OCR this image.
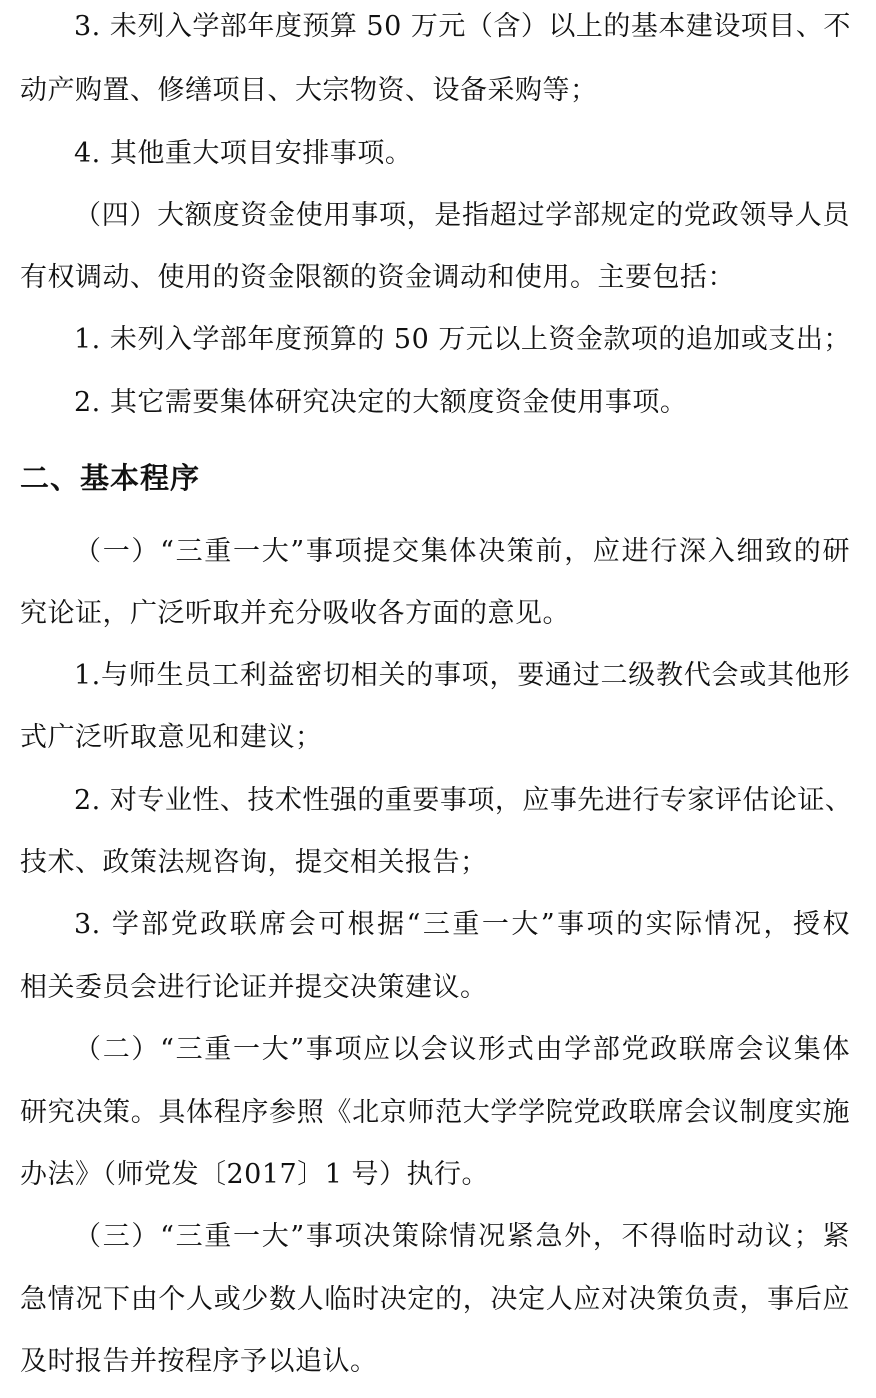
3. 未列入学部年度预算 50 万元（含）以上的基本建设项目、不
动产购置、修缮项目、大宗物资、设备采购等；
4. 其他重大项目安排事项。
（四）大额度资金使用事项，是指超过学部规定的党政领导人员
有权调动、使用的资金限额的资金调动和使用。主要包括：
1. 未列入学部年度预算的 50 万元以上资金款项的追加或支出；
2. 其它需要集体研究决定的大额度资金使用事项。
二、基本程序
（一）“三重一大”事项提交集体决策前，应进行深入细致的研
究论证，广泛听取并充分吸收各方面的意见。
1.与师生员工利益密切相关的事项，要通过二级教代会或其他形
式广泛听取意见和建议；
2. 对专业性、技术性强的重要事项，应事先进行专家评估论证、
技术、政策法规咨询，提交相关报告；
3. 学部党政联席会可根据“三重一大”事项的实际情况，授权
相关委员会进行论证并提交决策建议。
（二）“三重一大”事项应以会议形式由学部党政联席会议集体
研究决策。具体程序参照《北京师范大学学院党政联席会议制度实施
办法》（师党发〔2017〕1 号）执行。
（三）“三重一大”事项决策除情况紧急外，不得临时动议；紧
急情况下由个人或少数人临时决定的，决定人应对决策负责，事后应
及时报告并按程序予以追认。
